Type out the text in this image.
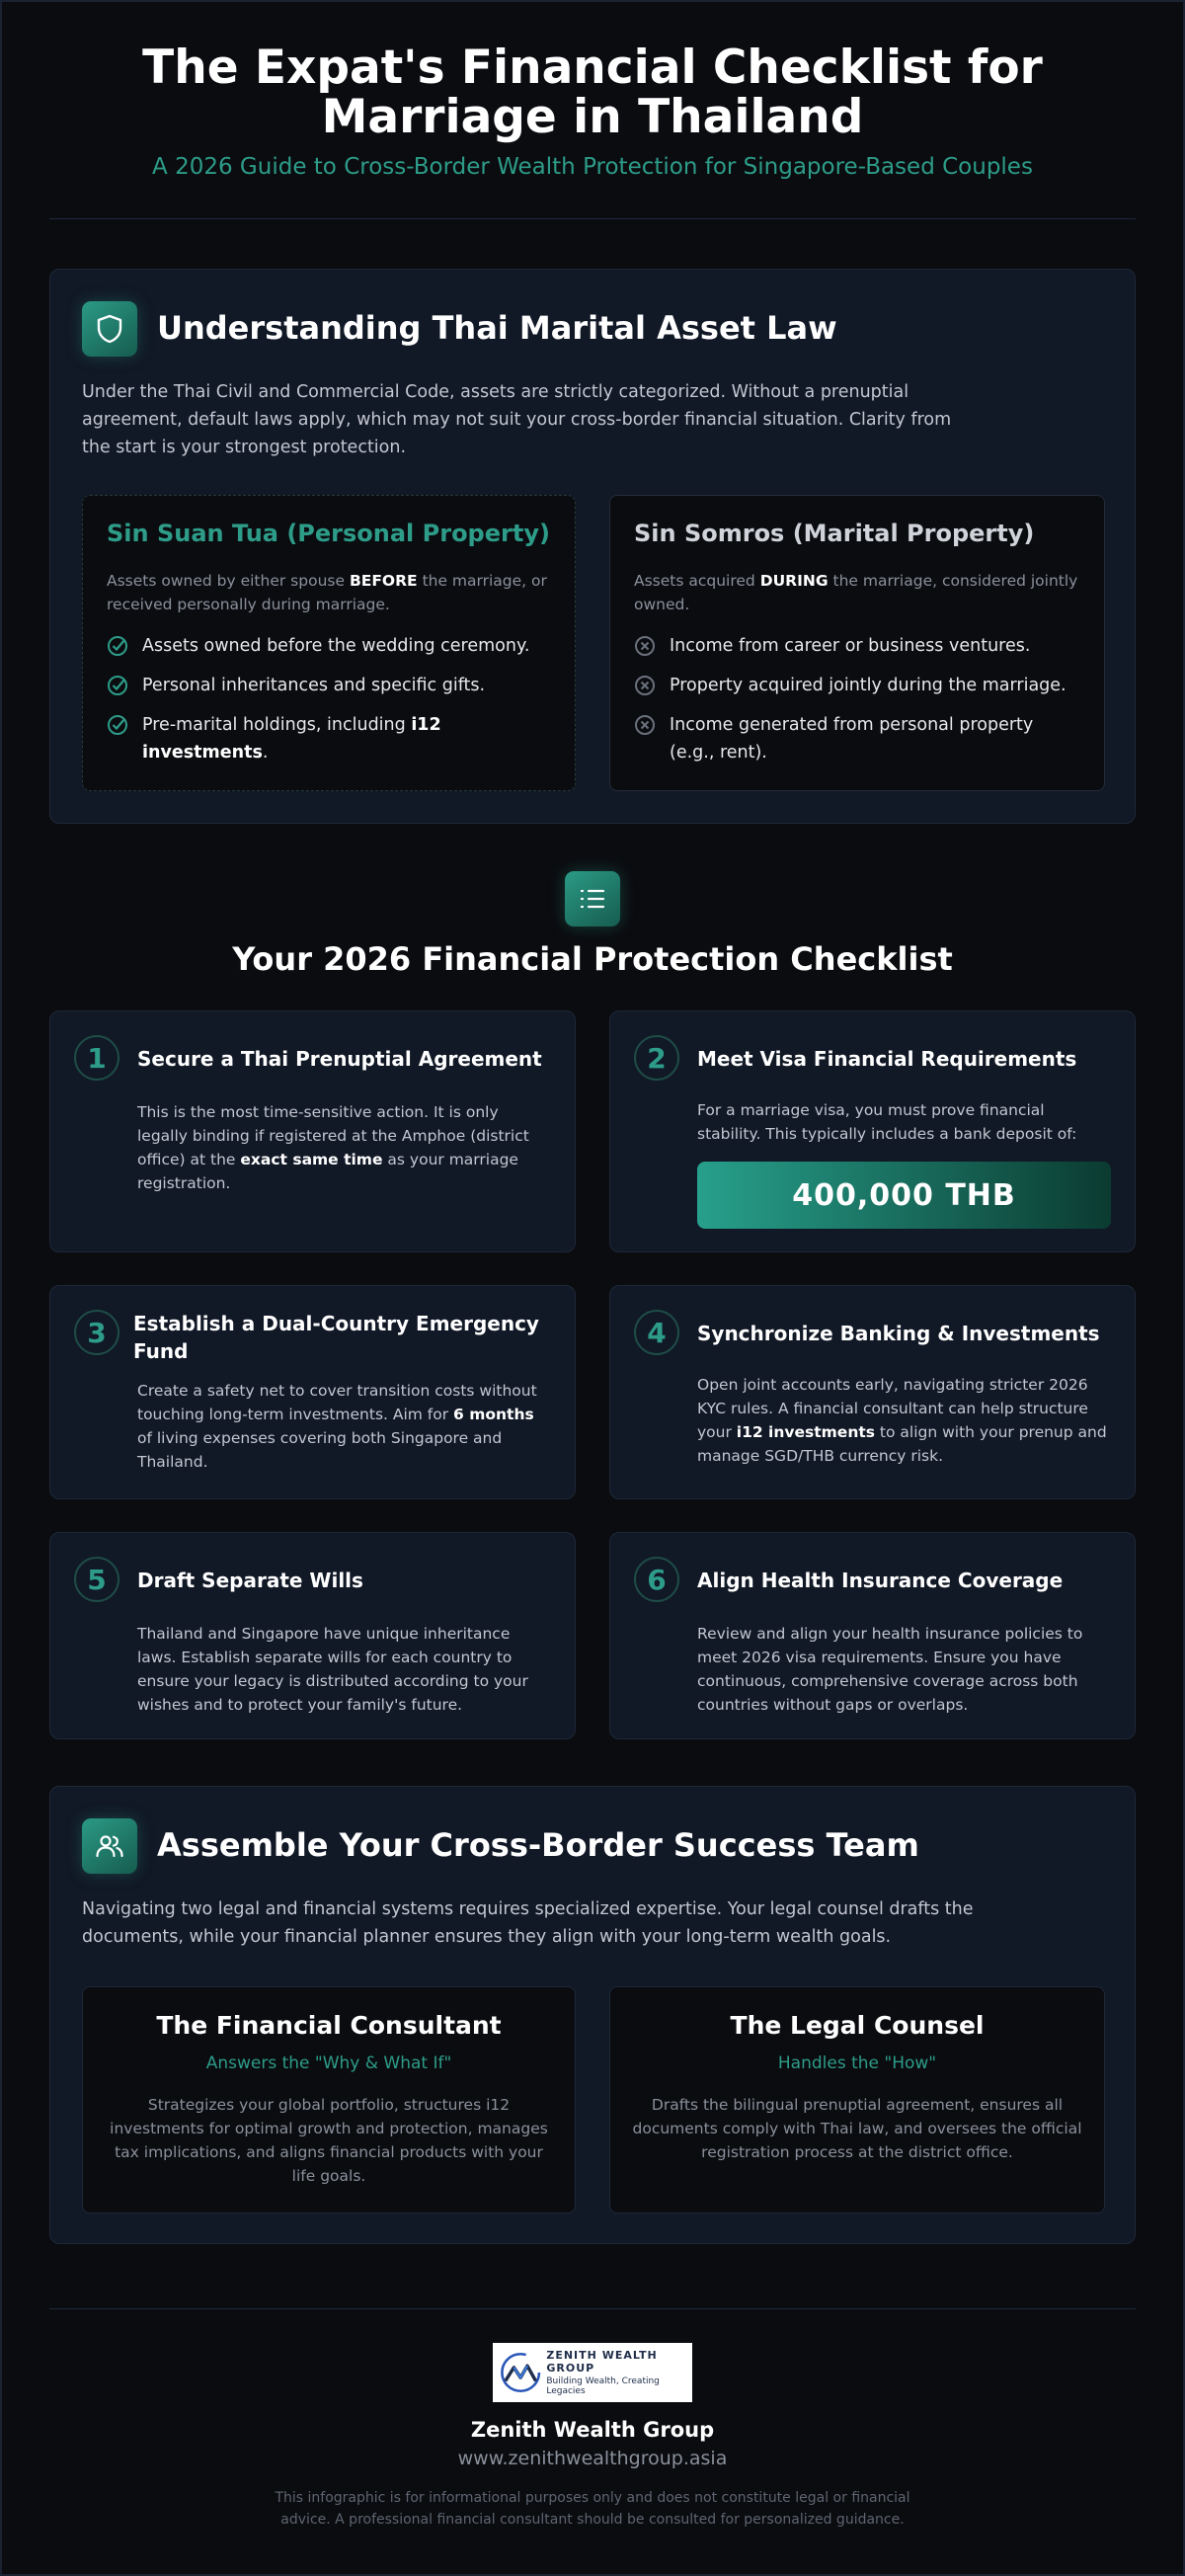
The Expat's Financial Checklist for
Marriage in Thailand
A 2026 Guide to Cross-Border Wealth Protection for Singapore-Based Couples
Understanding Thai Marital Asset Law
Under the Thai Civil and Commercial Code, assets are strictly categorized. Without a prenuptial agreement, default laws apply, which may not suit your cross-border financial situation. Clarity from the start is your strongest protection.
Sin Suan Tua (Personal Property)
Assets owned by either spouse BEFORE the marriage, or received personally during marriage.
Assets owned before the wedding ceremony.
Personal inheritances and specific gifts.
Pre-marital holdings, including i12 investments.
Sin Somros (Marital Property)
Assets acquired DURING the marriage, considered jointly owned.
Income from career or business ventures.
Property acquired jointly during the marriage.
Income generated from personal property (e.g., rent).
Your 2026 Financial Protection Checklist
1	Secure a Thai Prenuptial Agreement

This is the most time-sensitive action. It is only legally binding if registered at the Amphoe (district office) at the exact same time as your marriage registration.

2	Meet Visa Financial Requirements

For a marriage visa, you must prove financial stability. This typically includes a bank deposit of:

400,000 THB
3	Establish a Dual-Country Emergency Fund

Create a safety net to cover transition costs without touching long-term investments. Aim for 6 months of living expenses covering both Singapore and Thailand.

4	Synchronize Banking & Investments

Open joint accounts early, navigating stricter 2026 KYC rules. A financial consultant can help structure your i12 investments to align with your prenup and manage SGD/THB currency risk.

5	Draft Separate Wills

Thailand and Singapore have unique inheritance laws. Establish separate wills for each country to ensure your legacy is distributed according to your wishes and to protect your family's future.

6	Align Health Insurance Coverage

Review and align your health insurance policies to meet 2026 visa requirements. Ensure you have continuous, comprehensive coverage across both countries without gaps or overlaps.

Assemble Your Cross-Border Success Team
Navigating two legal and financial systems requires specialized expertise. Your legal counsel drafts the documents, while your financial planner ensures they align with your long-term wealth goals.
The Financial Consultant
Answers the "Why & What If"
Strategizes your global portfolio, structures i12 investments for optimal growth and protection, manages tax implications, and aligns financial products with your life goals.
The Legal Counsel
Handles the "How"
Drafts the bilingual prenuptial agreement, ensures all documents comply with Thai law, and oversees the official registration process at the district office.
ZENITH WEALTH GROUP
Building Wealth, Creating Legacies
Zenith Wealth Group
www.zenithwealthgroup.asia
This infographic is for informational purposes only and does not constitute legal or financial advice. A professional financial consultant should be consulted for personalized guidance.
